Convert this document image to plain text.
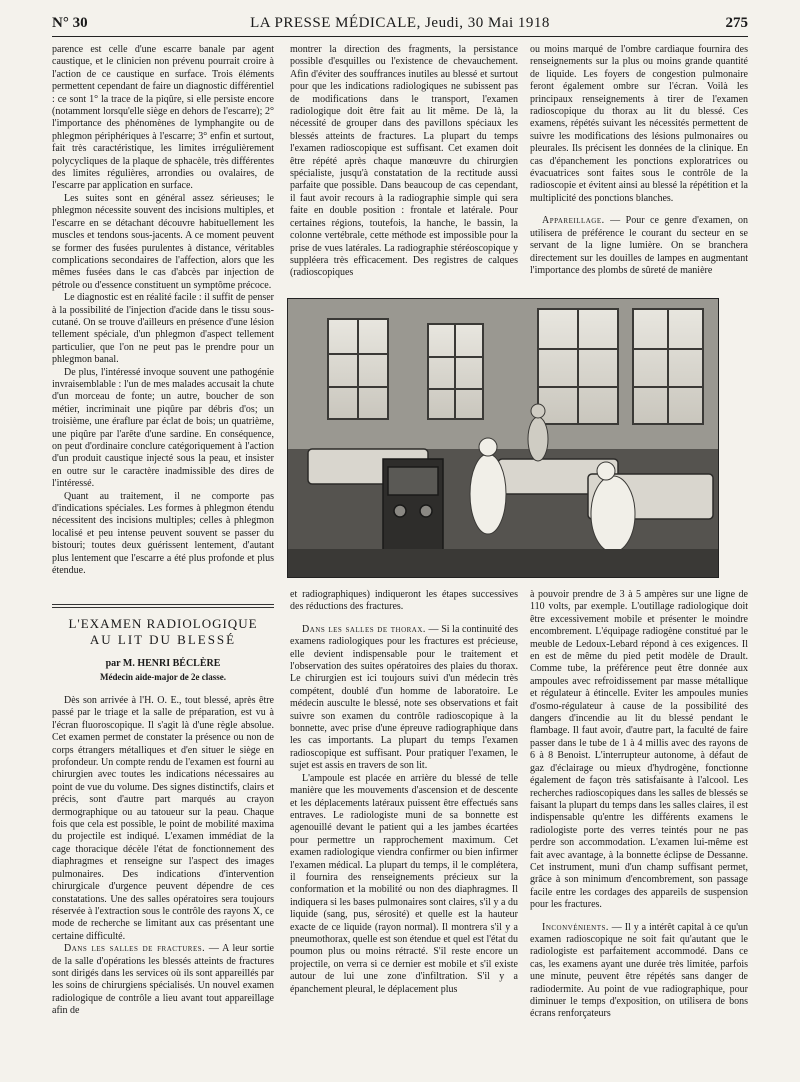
N° 30	LA PRESSE MÉDICALE, Jeudi, 30 Mai 1918	275

parence est celle d'une escarre banale par agent caustique, et le clinicien non prévenu pourrait croire à l'action de ce caustique en surface. Trois éléments permettent cependant de faire un diagnostic différentiel : ce sont 1° la trace de la piqûre, si elle persiste encore (notamment lorsqu'elle siège en dehors de l'escarre); 2° l'importance des phénomènes de lymphangite ou de phlegmon périphériques à l'escarre; 3° enfin et surtout, fait très caractéristique, les limites irrégulièrement polycycliques de la plaque de sphacèle, très différentes des limites régulières, arrondies ou ovalaires, de l'escarre par application en surface.

Les suites sont en général assez sérieuses; le phlegmon nécessite souvent des incisions multiples, et l'escarre en se détachant découvre habituellement les muscles et tendons sous-jacents. A ce moment peuvent se former des fusées purulentes à distance, véritables complications secondaires de l'affection, alors que les mêmes fusées dans le cas d'abcès par injection de pétrole ou d'essence constituent un symptôme précoce.

Le diagnostic est en réalité facile : il suffit de penser à la possibilité de l'injection d'acide dans le tissu sous-cutané. On se trouve d'ailleurs en présence d'une lésion tellement spéciale, d'un phlegmon d'aspect tellement particulier, que l'on ne peut pas le prendre pour un phlegmon banal.

De plus, l'intéressé invoque souvent une pathogénie invraisemblable : l'un de mes malades accusait la chute d'un morceau de fonte; un autre, boucher de son métier, incriminait une piqûre par débris d'os; un troisième, une éraflure par éclat de bois; un quatrième, une piqûre par l'arête d'une sardine. En conséquence, on peut d'ordinaire conclure catégoriquement à l'action d'un produit caustique injecté sous la peau, et insister en outre sur le caractère inadmissible des dires de l'intéressé.

Quant au traitement, il ne comporte pas d'indications spéciales. Les formes à phlegmon étendu nécessitent des incisions multiples; celles à phlegmon localisé et peu intense peuvent souvent se passer du bistouri; toutes deux guérissent lentement, d'autant plus lentement que l'escarre a été plus profonde et plus étendue.

L'EXAMEN RADIOLOGIQUE
AU LIT DU BLESSÉ
par M. HENRI BÉCLÈRE
Médecin aide-major de 2e classe.

Dès son arrivée à l'H. O. E., tout blessé, après être passé par le triage et la salle de préparation, est vu à l'écran fluoroscopique. Il s'agit là d'une règle absolue. Cet examen permet de constater la présence ou non de corps étrangers métalliques et d'en situer le siège en profondeur. Un compte rendu de l'examen est fourni au chirurgien avec toutes les indications nécessaires au point de vue du volume. Des signes distinctifs, clairs et précis, sont d'autre part marqués au crayon dermographique ou au tatoueur sur la peau. Chaque fois que cela est possible, le point de mobilité maxima du projectile est indiqué. L'examen immédiat de la cage thoracique décèle l'état de fonctionnement des diaphragmes et renseigne sur l'aspect des images pulmonaires. Des indications d'intervention chirurgicale d'urgence peuvent dépendre de ces constatations. Une des salles opératoires sera toujours réservée à l'extraction sous le contrôle des rayons X, ce mode de recherche se limitant aux cas présentant une certaine difficulté.

Dans les salles de fractures. — A leur sortie de la salle d'opérations les blessés atteints de fractures sont dirigés dans les services où ils sont appareillés par les soins de chirurgiens spécialisés. Un nouvel examen radiologique de contrôle a lieu avant tout appareillage afin de

montrer la direction des fragments, la persistance possible d'esquilles ou l'existence de chevauchement. Afin d'éviter des souffrances inutiles au blessé et surtout pour que les indications radiologiques ne subissent pas de modifications dans le transport, l'examen radiologique doit être fait au lit même. De là, la nécessité de grouper dans des pavillons spéciaux les blessés atteints de fractures. La plupart du temps l'examen radioscopique est suffisant. Cet examen doit être répété après chaque manœuvre du chirurgien spécialiste, jusqu'à constatation de la rectitude aussi parfaite que possible. Dans beaucoup de cas cependant, il faut avoir recours à la radiographie simple qui sera faite en double position : frontale et latérale. Pour certaines régions, toutefois, la hanche, le bassin, la colonne vertébrale, cette méthode est impossible pour la prise de vues latérales. La radiographie stéréoscopique y suppléera très efficacement. Des registres de calques (radioscopiques

et radiographiques) indiqueront les étapes successives des réductions des fractures.

Dans les salles de thorax. — Si la continuité des examens radiologiques pour les fractures est précieuse, elle devient indispensable pour le traitement et l'observation des suites opératoires des plaies du thorax. Le chirurgien est ici toujours suivi d'un médecin très compétent, doublé d'un homme de laboratoire. Le médecin ausculte le blessé, note ses observations et fait suivre son examen du contrôle radioscopique à la bonnette, avec prise d'une épreuve radiographique dans les cas importants. La plupart du temps l'examen radioscopique est suffisant. Pour pratiquer l'examen, le sujet est assis en travers de son lit.

L'ampoule est placée en arrière du blessé de telle manière que les mouvements d'ascension et de descente et les déplacements latéraux puissent être effectués sans entraves. Le radiologiste muni de sa bonnette est agenouillé devant le patient qui a les jambes écartées pour permettre un rapprochement maximum. Cet examen radiologique viendra confirmer ou bien infirmer l'examen médical. La plupart du temps, il le complétera, il fournira des renseignements précieux sur la conformation et la mobilité ou non des diaphragmes. Il indiquera si les bases pulmonaires sont claires, s'il y a du liquide (sang, pus, sérosité) et quelle est la hauteur exacte de ce liquide (rayon normal). Il montrera s'il y a pneumothorax, quelle est son étendue et quel est l'état du poumon plus ou moins rétracté. S'il reste encore un projectile, on verra si ce dernier est mobile et s'il existe autour de lui une zone d'infiltration. S'il y a épanchement pleural, le déplacement plus

ou moins marqué de l'ombre cardiaque fournira des renseignements sur la plus ou moins grande quantité de liquide. Les foyers de congestion pulmonaire feront également ombre sur l'écran. Voilà les principaux renseignements à tirer de l'examen radioscopique du thorax au lit du blessé. Ces examens, répétés suivant les nécessités permettent de suivre les modifications des lésions pulmonaires ou pleurales. Ils précisent les données de la clinique. En cas d'épanchement les ponctions exploratrices ou évacuatrices sont faites sous le contrôle de la radioscopie et évitent ainsi au blessé la répétition et la multiplicité des ponctions blanches.

Appareillage. — Pour ce genre d'examen, on utilisera de préférence le courant du secteur en se servant de la ligne lumière. On se branchera directement sur les douilles de lampes en augmentant l'importance des plombs de sûreté de manière

à pouvoir prendre de 3 à 5 ampères sur une ligne de 110 volts, par exemple. L'outillage radiologique doit être excessivement mobile et présenter le moindre encombrement. L'équipage radiogène constitué par le meuble de Ledoux-Lebard répond à ces exigences. Il en est de même du pied petit modèle de Drault. Comme tube, la préférence peut être donnée aux ampoules avec refroidissement par masse métallique et régulateur à étincelle. Eviter les ampoules munies d'osmo-régulateur à cause de la possibilité des dangers d'incendie au lit du blessé pendant le flambage. Il faut avoir, d'autre part, la faculté de faire passer dans le tube de 1 à 4 millis avec des rayons de 6 à 8 Benoist. L'interrupteur autonome, à défaut de gaz d'éclairage ou mieux d'hydrogène, fonctionne également de façon très satisfaisante à l'alcool. Les recherches radioscopiques dans les salles de blessés se faisant la plupart du temps dans les salles claires, il est indispensable qu'entre les différents examens le radiologiste porte des verres teintés pour ne pas perdre son accommodation. L'examen lui-même est fait avec avantage, à la bonnette éclipse de Dessanne. Cet instrument, muni d'un champ suffisant permet, grâce à son minimum d'encombrement, son passage facile entre les cordages des appareils de suspension pour les fractures.

Inconvénients. — Il y a intérêt capital à ce qu'un examen radioscopique ne soit fait qu'autant que le radiologiste est parfaitement accommodé. Dans ce cas, les examens ayant une durée très limitée, parfois une minute, peuvent être répétés sans danger de radiodermite. Au point de vue radiographique, pour diminuer le temps d'exposition, on utilisera de bons écrans renforçateurs
